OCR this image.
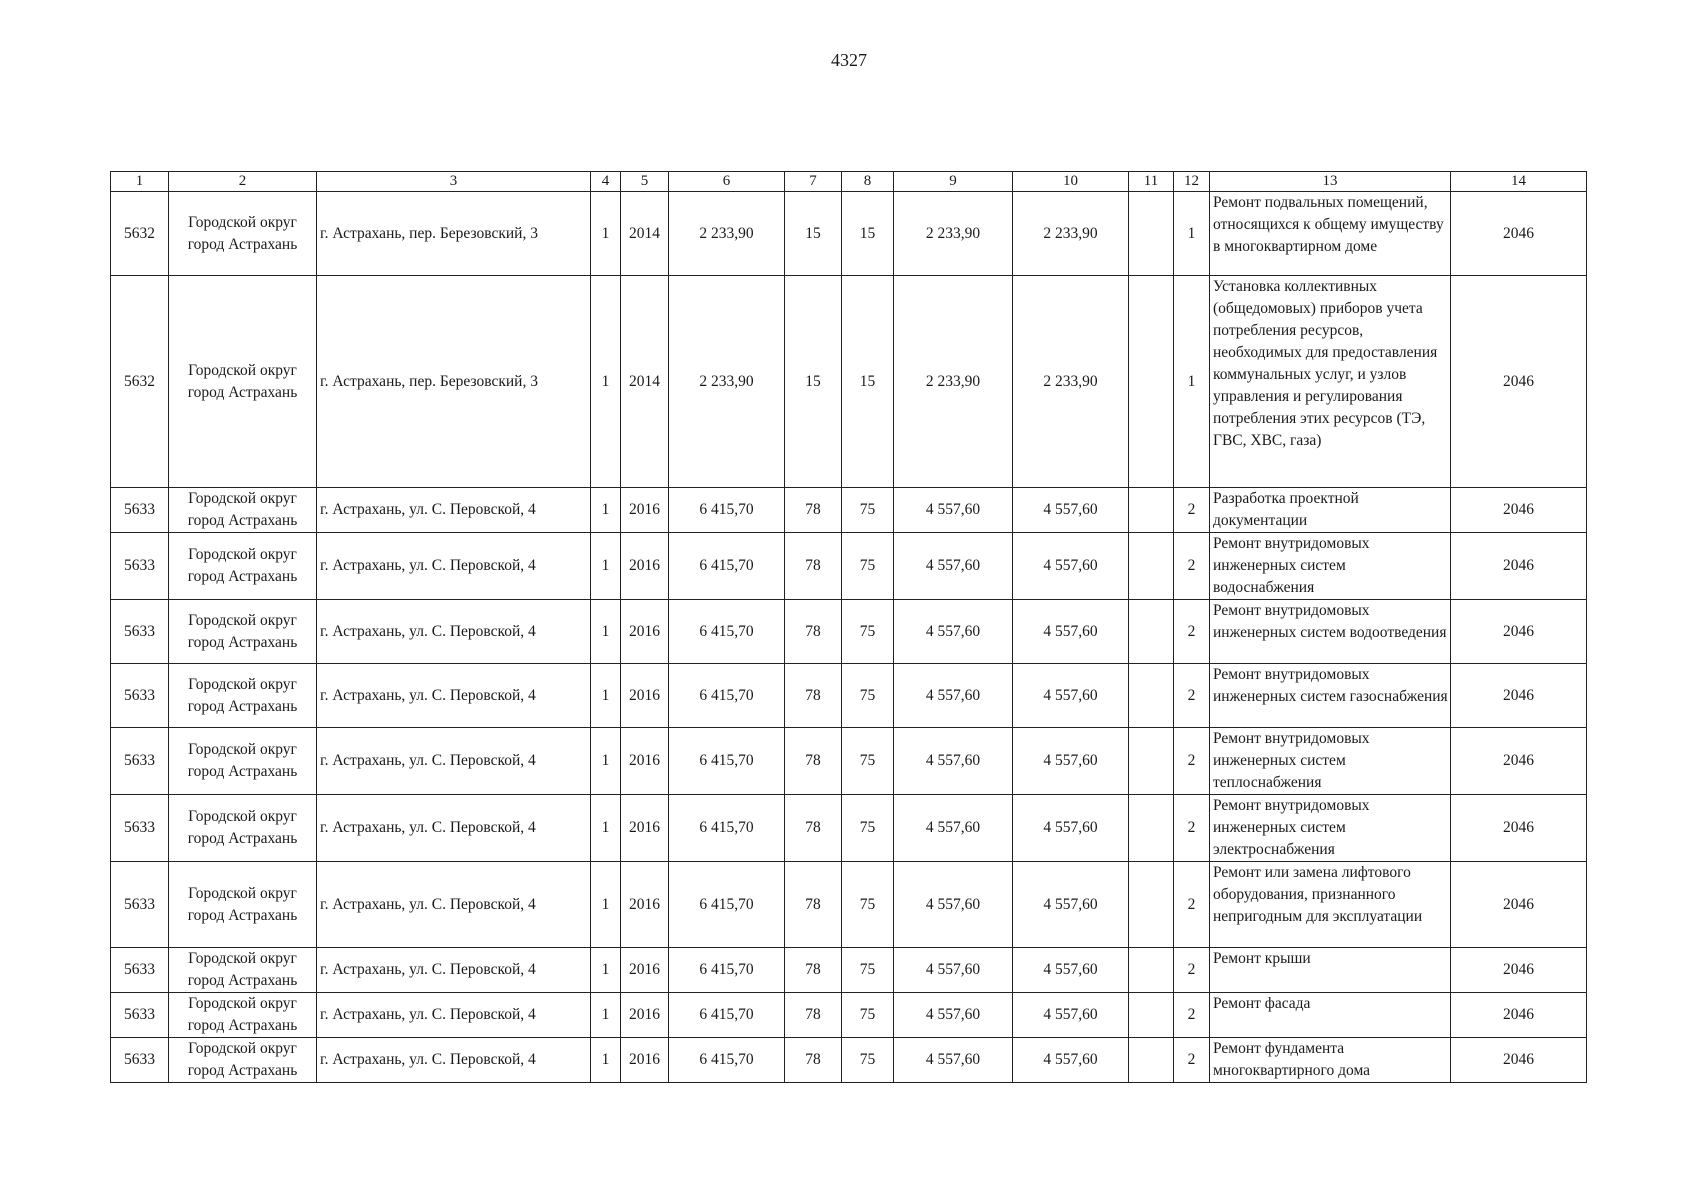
4327
1	2	3	4	5	6	7	8	9	10	11	12	13	14
5632	Городской округ город Астрахань	г. Астрахань, пер. Березовский, 3	1	2014	2 233,90	15	15	2 233,90	2 233,90		1	Ремонт подвальных помещений, относящихся к общему имуществу в многоквартирном доме	2046
5632	Городской округ город Астрахань	г. Астрахань, пер. Березовский, 3	1	2014	2 233,90	15	15	2 233,90	2 233,90		1	Установка коллективных (общедомовых) приборов учета потребления ресурсов, необходимых для предоставления коммунальных услуг, и узлов управления и регулирования потребления этих ресурсов (ТЭ, ГВС, ХВС, газа)	2046
5633	Городской округ город Астрахань	г. Астрахань, ул. С. Перовской, 4	1	2016	6 415,70	78	75	4 557,60	4 557,60		2	Разработка проектной документации	2046
5633	Городской округ город Астрахань	г. Астрахань, ул. С. Перовской, 4	1	2016	6 415,70	78	75	4 557,60	4 557,60		2	Ремонт внутридомовых инженерных систем водоснабжения	2046
5633	Городской округ город Астрахань	г. Астрахань, ул. С. Перовской, 4	1	2016	6 415,70	78	75	4 557,60	4 557,60		2	Ремонт внутридомовых инженерных систем водоотведения	2046
5633	Городской округ город Астрахань	г. Астрахань, ул. С. Перовской, 4	1	2016	6 415,70	78	75	4 557,60	4 557,60		2	Ремонт внутридомовых инженерных систем газоснабжения	2046
5633	Городской округ город Астрахань	г. Астрахань, ул. С. Перовской, 4	1	2016	6 415,70	78	75	4 557,60	4 557,60		2	Ремонт внутридомовых инженерных систем теплоснабжения	2046
5633	Городской округ город Астрахань	г. Астрахань, ул. С. Перовской, 4	1	2016	6 415,70	78	75	4 557,60	4 557,60		2	Ремонт внутридомовых инженерных систем электроснабжения	2046
5633	Городской округ город Астрахань	г. Астрахань, ул. С. Перовской, 4	1	2016	6 415,70	78	75	4 557,60	4 557,60		2	Ремонт или замена лифтового оборудования, признанного непригодным для эксплуатации	2046
5633	Городской округ город Астрахань	г. Астрахань, ул. С. Перовской, 4	1	2016	6 415,70	78	75	4 557,60	4 557,60		2	Ремонт крыши	2046
5633	Городской округ город Астрахань	г. Астрахань, ул. С. Перовской, 4	1	2016	6 415,70	78	75	4 557,60	4 557,60		2	Ремонт фасада	2046
5633	Городской округ город Астрахань	г. Астрахань, ул. С. Перовской, 4	1	2016	6 415,70	78	75	4 557,60	4 557,60		2	Ремонт фундамента многоквартирного дома	2046
